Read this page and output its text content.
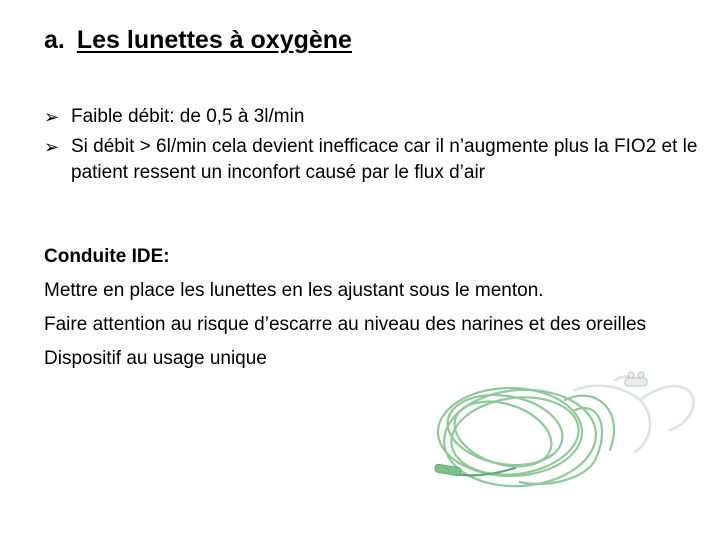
a. Les lunettes à oxygène
➢ Faible débit: de 0,5 à 3l/min
➢ Si débit > 6l/min cela devient inefficace car il n’augmente plus la FIO2 et le patient ressent un inconfort causé par le flux d’air

Conduite IDE:

Mettre en place les lunettes en les ajustant sous le menton.

Faire attention au risque d’escarre au niveau des narines et des oreilles

Dispositif au usage unique
